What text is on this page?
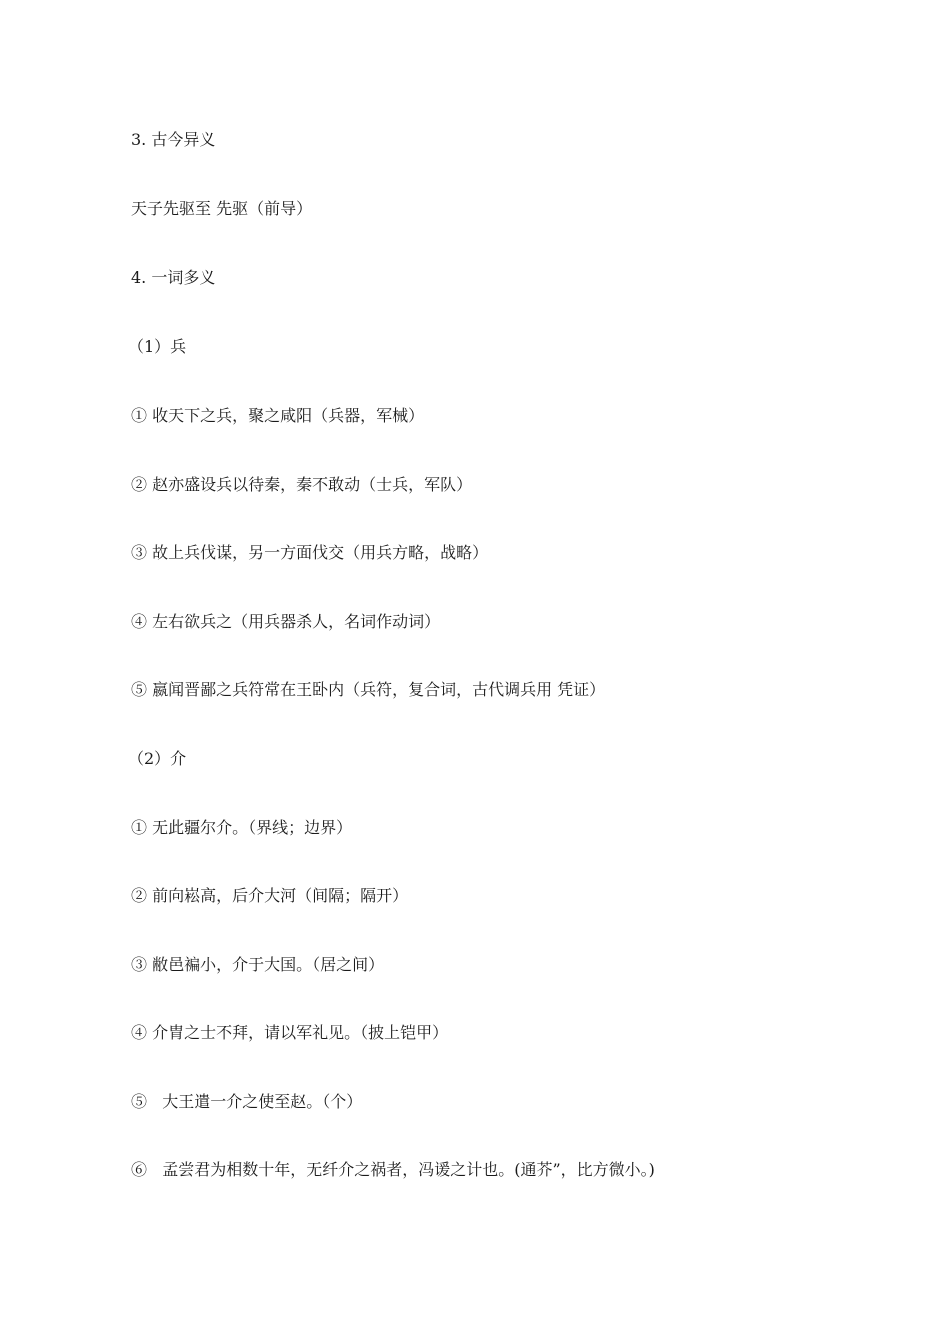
3. 古今异义
天子先驱至 先驱（前导）
4. 一词多义
（1）兵
① 收天下之兵，聚之咸阳（兵器，军械）
② 赵亦盛设兵以待秦，秦不敢动（士兵，军队）
③ 故上兵伐谋，另一方面伐交（用兵方略，战略）
④ 左右欲兵之（用兵器杀人，名词作动词）
⑤ 嬴闻晋鄙之兵符常在王卧内（兵符，复合词，古代调兵用 凭证）
（2）介
① 无此疆尔介。（界线；边界）
② 前向崧高，后介大河（间隔；隔开）
③ 敝邑褊小，介于大国。（居之间）
④ 介胄之士不拜，请以军礼见。（披上铠甲）
⑤   大王遣一介之使至赵。（个）
⑥   孟尝君为相数十年，无纤介之祸者，冯谖之计也。(通芥”，比方微小。)
